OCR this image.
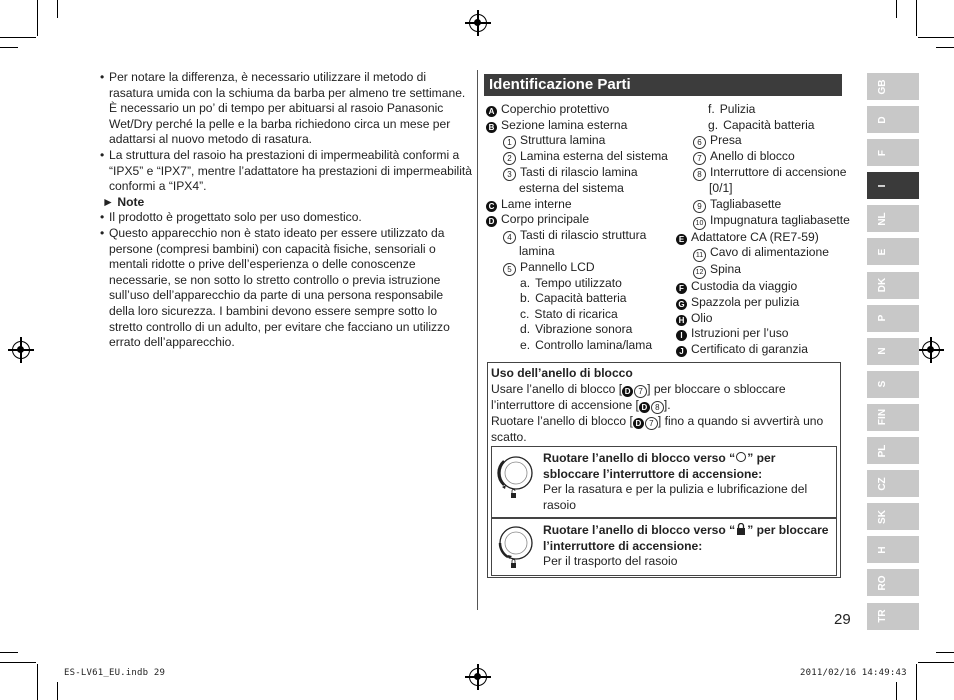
• Per notare la differenza, è necessario utilizzare il metodo di rasatura umida con la schiuma da barba per almeno tre settimane. È necessario un po’ di tempo per abituarsi al rasoio Panasonic Wet/Dry perché la pelle e la barba richiedono circa un mese per adattarsi al nuovo metodo di rasatura.
• La struttura del rasoio ha prestazioni di impermeabilità conformi a “IPX5” e “IPX7”, mentre l’adattatore ha prestazioni di impermeabilità conformi a “IPX4”.
► Note
• Il prodotto è progettato solo per uso domestico.
• Questo apparecchio non è stato ideato per essere utilizzato da persone (compresi bambini) con capacità fisiche, sensoriali o mentali ridotte o prive dell’esperienza o delle conoscenze necessarie, se non sotto lo stretto controllo o previa istruzione sull’uso dell’apparecchio da parte di una persona responsabile della loro sicurezza. I bambini devono essere sempre sotto lo stretto controllo di un adulto, per evitare che facciano un utilizzo errato dell’apparecchio.
Identificazione Parti
A Coperchio protettivo
B Sezione lamina esterna
1 Struttura lamina
2 Lamina esterna del sistema
3 Tasti di rilascio lamina
esterna del sistema
C Lame interne
D Corpo principale
4 Tasti di rilascio struttura
lamina
5 Pannello LCD
a. Tempo utilizzato
b. Capacità batteria
c. Stato di ricarica
d. Vibrazione sonora
e. Controllo lamina/lama
f. Pulizia
g. Capacità batteria
6 Presa
7 Anello di blocco
8 Interruttore di accensione
[0/1]
9 Tagliabasette
10 Impugnatura tagliabasette
E Adattatore CA (RE7-59)
11 Cavo di alimentazione
12 Spina
F Custodia da viaggio
G Spazzola per pulizia
H Olio
I Istruzioni per l’uso
J Certificato di garanzia
Uso dell’anello di blocco
Usare l’anello di blocco [ D 7 ] per bloccare o sbloccare
l’interruttore di accensione [ D 8 ].
Ruotare l’anello di blocco [ D 7 ] fino a quando si avvertirà uno
scatto.
Ruotare l’anello di blocco verso “ ” per sbloccare l’interruttore di accensione:
Per la rasatura e per la pulizia e lubrificazione del rasoio
Ruotare l’anello di blocco verso “ ” per bloccare l’interruttore di accensione:
Per il trasporto del rasoio
GB
D
F
I
NL
E
DK
P
N
S
FIN
PL
CZ
SK
H
RO
TR
29
ES-LV61_EU.indb 29	2011/02/16 14:49:43
